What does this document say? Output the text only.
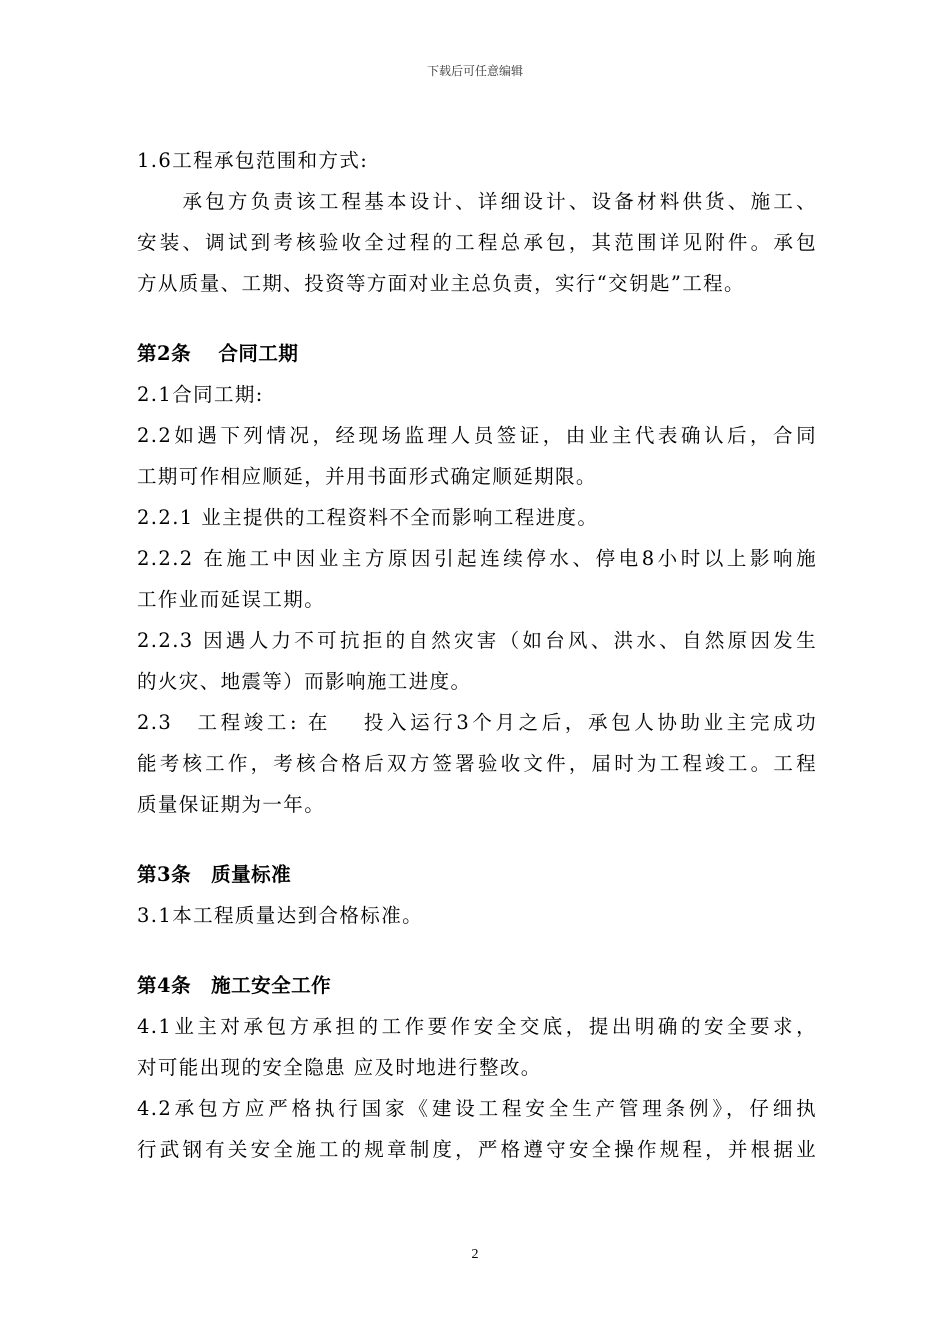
下载后可任意编辑
1.6工程承包范围和方式:
　　承包方负责该工程基本设计、详细设计、设备材料供货、施工、
安装、调试到考核验收全过程的工程总承包，其范围详见附件。承包
方从质量、工期、投资等方面对业主总负责，实行“交钥匙”工程。
第2条　 合同工期
2.1合同工期:
2.2如遇下列情况，经现场监理人员签证，由业主代表确认后，合同
工期可作相应顺延，并用书面形式确定顺延期限。
2.2.1 业主提供的工程资料不全而影响工程进度。
2.2.2 在施工中因业主方原因引起连续停水、停电8小时以上影响施
工作业而延误工期。
2.2.3 因遇人力不可抗拒的自然灾害（如台风、洪水、自然原因发生
的火灾、地震等）而影响施工进度。
2.3　工程竣工: 在　 投入运行3个月之后，承包人协助业主完成功
能考核工作，考核合格后双方签署验收文件，届时为工程竣工。工程
质量保证期为一年。
第3条　质量标准
3.1本工程质量达到合格标准。
第4条　施工安全工作
4.1业主对承包方承担的工作要作安全交底，提出明确的安全要求，
对可能出现的安全隐患 应及时地进行整改。
4.2承包方应严格执行国家《建设工程安全生产管理条例》，仔细执
行武钢有关安全施工的规章制度，严格遵守安全操作规程，并根据业
2
